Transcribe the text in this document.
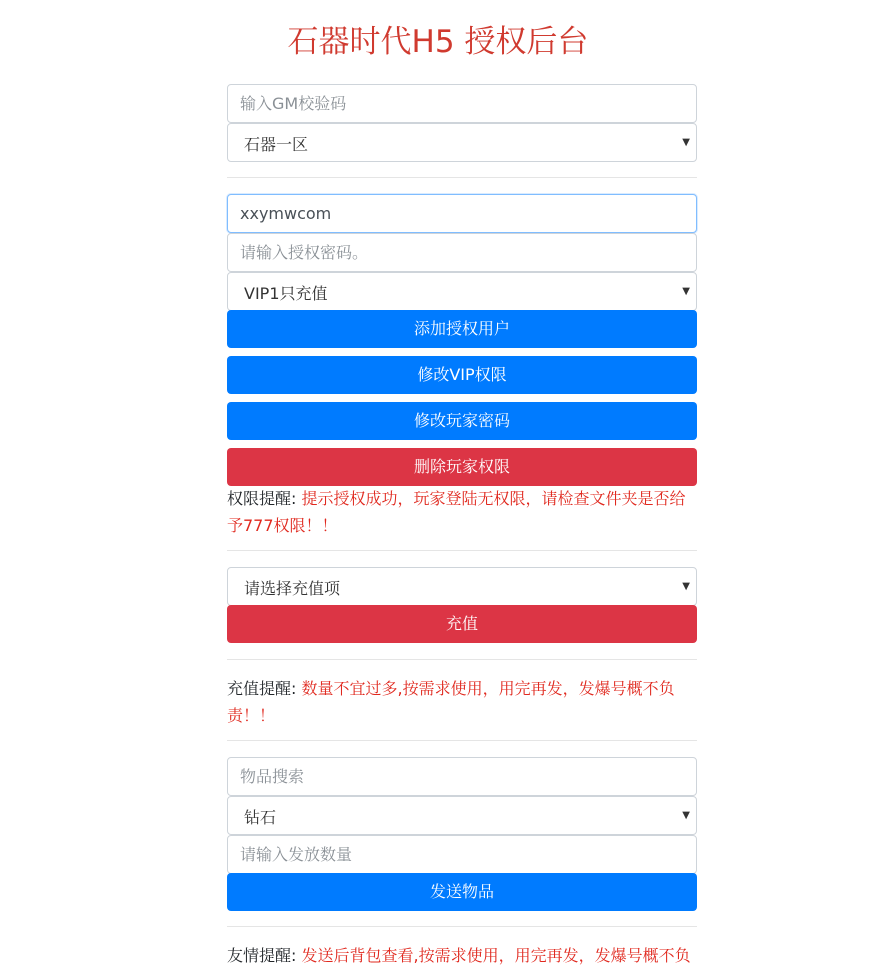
石器时代H5 授权后台
输入GM校验码
石器一区	▼
xxymwcom
请输入授权密码。
VIP1只充值	▼
添加授权用户
修改VIP权限
修改玩家密码
删除玩家权限
权限提醒: 提示授权成功，玩家登陆无权限，请检查文件夹是否给予777权限！！
请选择充值项	▼
充值
充值提醒: 数量不宜过多,按需求使用，用完再发，发爆号概不负责！！
物品搜索
钻石	▼
请输入发放数量
发送物品
友情提醒: 发送后背包查看,按需求使用，用完再发，发爆号概不负
